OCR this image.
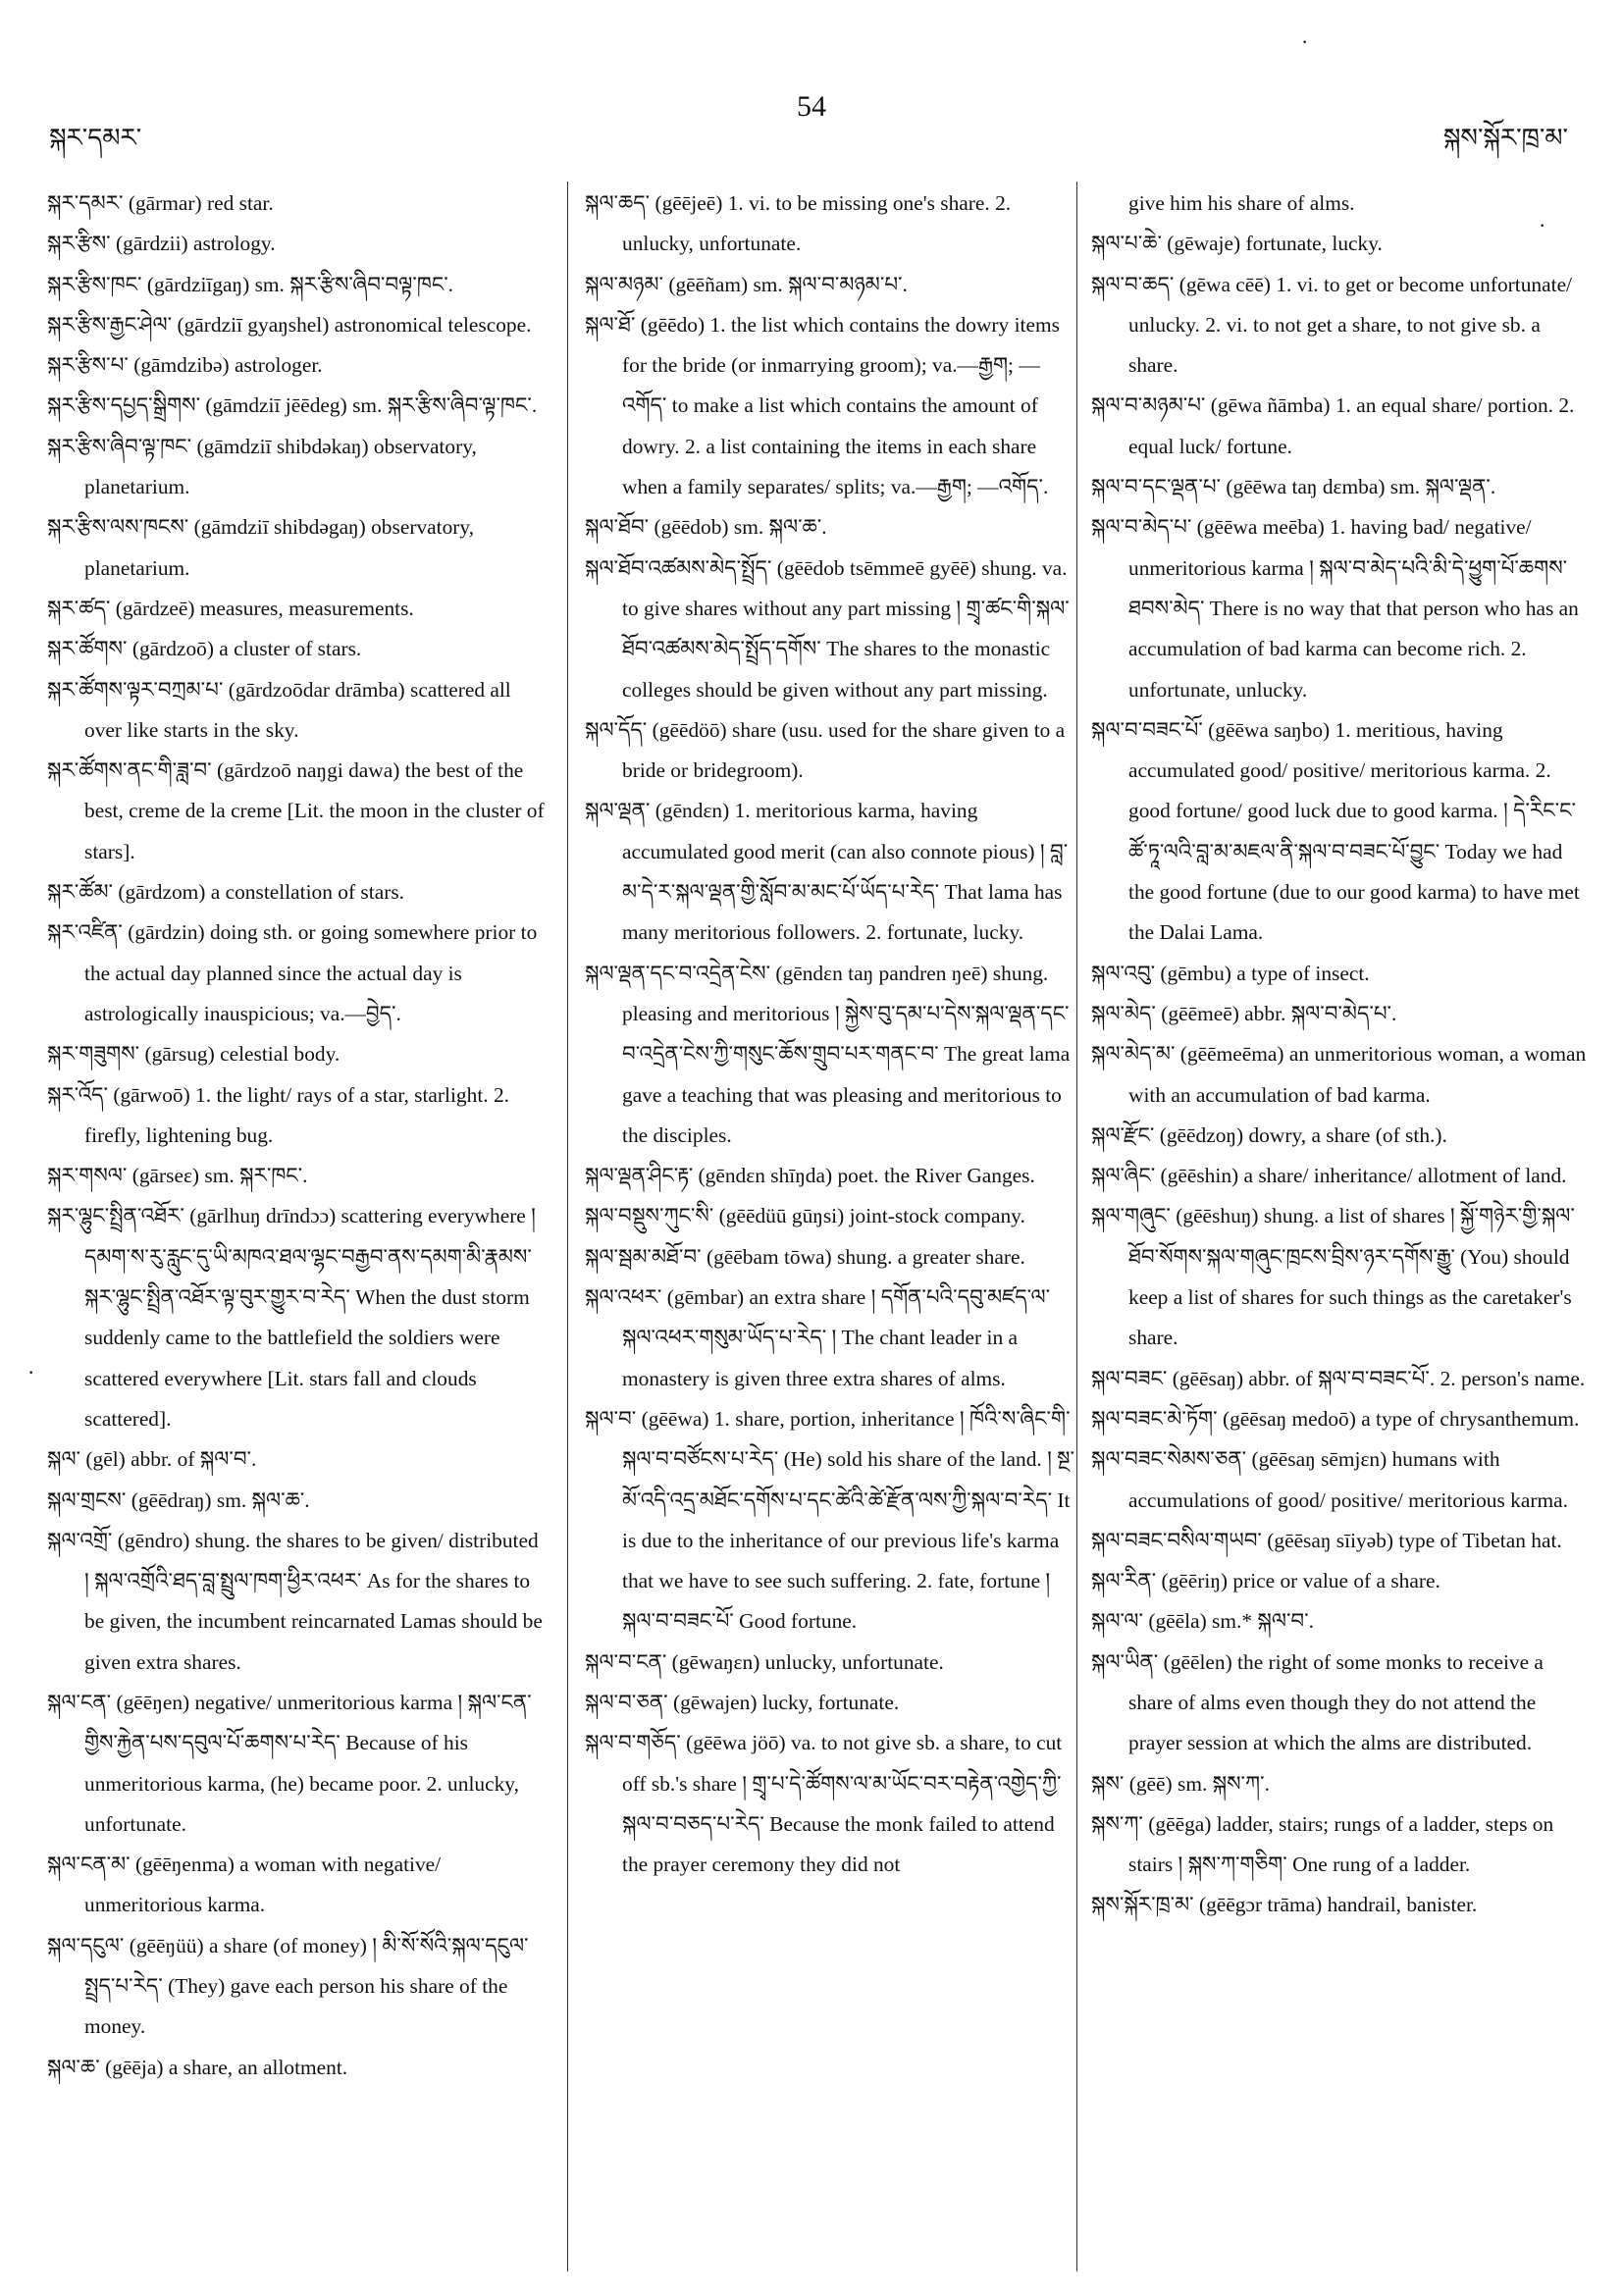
སྐར་དམར་
54
སྐས་སྐོར་ཁྲ་མ་
·
·
·
སྐར་དམར་ (gārmar) red star.
སྐར་རྩིས་ (gārdzii) astrology.
སྐར་རྩིས་ཁང་ (gārdziīgaŋ) sm. སྐར་རྩིས་ཞིབ་བལྟ་ཁང་.
སྐར་རྩིས་རྒྱང་ཤེལ་ (gārdziī gyaŋshel) astronomical telescope.
སྐར་རྩིས་པ་ (gāmdzibə) astrologer.
སྐར་རྩིས་དཔྱད་སྒྲིགས་ (gāmdziī jēēdeg) sm. སྐར་རྩིས་ཞིབ་ལྟ་ཁང་.
སྐར་རྩིས་ཞིབ་ལྟ་ཁང་ (gāmdziī shibdəkaŋ) observatory, planetarium.
སྐར་རྩིས་ལས་ཁངས་ (gāmdziī shibdəgaŋ) observatory, planetarium.
སྐར་ཚད་ (gārdzeē) measures, measurements.
སྐར་ཚོགས་ (gārdzoō) a cluster of stars.
སྐར་ཚོགས་ལྟར་བཀྲམ་པ་ (gārdzoōdar drāmba) scattered all over like starts in the sky.
སྐར་ཚོགས་ནང་གི་ཟླ་བ་ (gārdzoō naŋgi dawa) the best of the best, creme de la creme [Lit. the moon in the cluster of stars].
སྐར་ཚོམ་ (gārdzom) a constellation of stars.
སྐར་འཛིན་ (gārdzin) doing sth. or going somewhere prior to the actual day planned since the actual day is astrologically inauspicious; va.—བྱེད་.
སྐར་གཟུགས་ (gārsug) celestial body.
སྐར་འོད་ (gārwoō) 1. the light/ rays of a star, starlight. 2. firefly, lightening bug.
སྐར་གསལ་ (gārseε) sm. སྐར་ཁང་.
སྐར་ལྷུང་སྤྲིན་འཐོར་ (gārlhuŋ drīndɔɔ) scattering everywhere ། དམག་ས་རུ་རླུང་དུ་ཡི་མཁའ་ཐལ་ལྷང་བརྒྱབ་ནས་དམག་མི་རྣམས་སྐར་ལྷུང་སྤྲིན་འཐོར་ལྟ་བུར་གྱུར་བ་རེད་ When the dust storm suddenly came to the battlefield the soldiers were scattered everywhere [Lit. stars fall and clouds scattered].
སྐལ་ (gēl) abbr. of སྐལ་བ་.
སྐལ་གྲངས་ (gēēdraŋ) sm. སྐལ་ཆ་.
སྐལ་འགྲོ་ (gēndro) shung. the shares to be given/ distributed ། སྐལ་འགྲོའི་ཐད་བླ་སྤྲུལ་ཁག་ཕྱིར་འཕར་ As for the shares to be given, the incumbent reincarnated Lamas should be given extra shares.
སྐལ་ངན་ (gēēŋen) negative/ unmeritorious karma ། སྐལ་ངན་གྱིས་རྐྱེན་པས་དབུལ་པོ་ཆགས་པ་རེད་ Because of his unmeritorious karma, (he) became poor. 2. unlucky, unfortunate.
སྐལ་ངན་མ་ (gēēŋenma) a woman with negative/ unmeritorious karma.
སྐལ་དངུལ་ (gēēŋüü) a share (of money) ། མི་སོ་སོའི་སྐལ་དངུལ་སྤྲད་པ་རེད་ (They) gave each person his share of the money.
སྐལ་ཆ་ (gēēja) a share, an allotment.
སྐལ་ཆད་ (gēējeē) 1. vi. to be missing one's share. 2. unlucky, unfortunate.
སྐལ་མཉམ་ (gēēñam) sm. སྐལ་བ་མཉམ་པ་.
སྐལ་ཐོ་ (gēēdo) 1. the list which contains the dowry items for the bride (or inmarrying groom); va.—རྒྱག; —འགོད་ to make a list which contains the amount of dowry. 2. a list containing the items in each share when a family separates/ splits; va.—རྒྱག; —འགོད་.
སྐལ་ཐོབ་ (gēēdob) sm. སྐལ་ཆ་.
སྐལ་ཐོབ་འཚམས་མེད་སྤྲོད་ (gēēdob tsēmmeē gyēē) shung. va. to give shares without any part missing ། གྲྭ་ཚང་གི་སྐལ་ཐོབ་འཚམས་མེད་སྤྲོད་དགོས་ The shares to the monastic colleges should be given without any part missing.
སྐལ་དོད་ (gēēdöō) share (usu. used for the share given to a bride or bridegroom).
སྐལ་ལྡན་ (gēndεn) 1. meritorious karma, having accumulated good merit (can also connote pious) ། བླ་མ་དེ་ར་སྐལ་ལྡན་གྱི་སློབ་མ་མང་པོ་ཡོད་པ་རེད་ That lama has many meritorious followers. 2. fortunate, lucky.
སྐལ་ལྡན་དང་བ་འདྲེན་ངེས་ (gēndεn taŋ pandren ŋeē) shung. pleasing and meritorious ། སྐྱེས་བུ་དམ་པ་དེས་སྐལ་ལྡན་དང་བ་འདྲེན་ངེས་ཀྱི་གསུང་ཆོས་གྲུབ་པར་གནང་བ་ The great lama gave a teaching that was pleasing and meritorious to the disciples.
སྐལ་ལྡན་ཤིང་རྟ་ (gēndεn shīŋda) poet. the River Ganges.
སྐལ་བསྡུས་ཀུང་སི་ (gēēdüū gūŋsi) joint-stock company.
སྐལ་སྦམ་མཐོ་བ་ (gēēbam tōwa) shung. a greater share.
སྐལ་འཕར་ (gēmbar) an extra share ། དགོན་པའི་དབུ་མཛད་ལ་སྐལ་འཕར་གསུམ་ཡོད་པ་རེད་ ། The chant leader in a monastery is given three extra shares of alms.
སྐལ་བ་ (gēēwa) 1. share, portion, inheritance ། ཁོའི་ས་ཞིང་གི་སྐལ་བ་བཙོངས་པ་རེད་ (He) sold his share of the land. ། སྔ་མོ་འདི་འདྲ་མཐོང་དགོས་པ་དང་ཚེའི་ཚེ་རྫོན་ལས་ཀྱི་སྐལ་བ་རེད་ It is due to the inheritance of our previous life's karma that we have to see such suffering. 2. fate, fortune ། སྐལ་བ་བཟང་པོ་ Good fortune.
སྐལ་བ་ངན་ (gēwaŋεn) unlucky, unfortunate.
སྐལ་བ་ཅན་ (gēwajen) lucky, fortunate.
སྐལ་བ་གཅོད་ (gēēwa jöō) va. to not give sb. a share, to cut off sb.'s share ། གྲྭ་པ་དེ་ཚོགས་ལ་མ་ཡོང་བར་བརྟེན་འགྱེད་ཀྱི་སྐལ་བ་བཅད་པ་རེད་ Because the monk failed to attend the prayer ceremony they did not
give him his share of alms.
སྐལ་པ་ཆེ་ (gēwaje) fortunate, lucky.
སྐལ་བ་ཆད་ (gēwa cēē) 1. vi. to get or become unfortunate/ unlucky. 2. vi. to not get a share, to not give sb. a share.
སྐལ་བ་མཉམ་པ་ (gēwa ñāmba) 1. an equal share/ portion. 2. equal luck/ fortune.
སྐལ་བ་དང་ལྡན་པ་ (gēēwa taŋ dεmba) sm. སྐལ་ལྡན་.
སྐལ་བ་མེད་པ་ (gēēwa meēba) 1. having bad/ negative/ unmeritorious karma ། སྐལ་བ་མེད་པའི་མི་དེ་ཕྱུག་པོ་ཆགས་ཐབས་མེད་ There is no way that that person who has an accumulation of bad karma can become rich. 2. unfortunate, unlucky.
སྐལ་བ་བཟང་པོ་ (gēēwa saŋbo) 1. meritious, having accumulated good/ positive/ meritorious karma. 2. good fortune/ good luck due to good karma. ། དེ་རིང་ང་ཚོ་ཏཱ་ལའི་བླ་མ་མཇལ་ནི་སྐལ་བ་བཟང་པོ་བྱུང་ Today we had the good fortune (due to our good karma) to have met the Dalai Lama.
སྐལ་འབུ་ (gēmbu) a type of insect.
སྐལ་མེད་ (gēēmeē) abbr. སྐལ་བ་མེད་པ་.
སྐལ་མེད་མ་ (gēēmeēma) an unmeritorious woman, a woman with an accumulation of bad karma.
སྐལ་རྫོང་ (gēēdzoŋ) dowry, a share (of sth.).
སྐལ་ཞིང་ (gēēshin) a share/ inheritance/ allotment of land.
སྐལ་གཞུང་ (gēēshuŋ) shung. a list of shares ། སྐྱོ་གཉེར་གྱི་སྐལ་ཐོབ་སོགས་སྐལ་གཞུང་ཁྲངས་བྲིས་ཉར་དགོས་རྒྱུ་ (You) should keep a list of shares for such things as the caretaker's share.
སྐལ་བཟང་ (gēēsaŋ) abbr. of སྐལ་བ་བཟང་པོ་. 2. person's name.
སྐལ་བཟང་མེ་ཏོག་ (gēēsaŋ medoō) a type of chrysanthemum.
སྐལ་བཟང་སེམས་ཅན་ (gēēsaŋ sēmjεn) humans with accumulations of good/ positive/ meritorious karma.
སྐལ་བཟང་བསིལ་གཡབ་ (gēēsaŋ sīiyəb) type of Tibetan hat.
སྐལ་རིན་ (gēēriŋ) price or value of a share.
སྐལ་ལ་ (gēēla) sm.* སྐལ་བ་.
སྐལ་ཡིན་ (gēēlen) the right of some monks to receive a share of alms even though they do not attend the prayer session at which the alms are distributed.
སྐས་ (gēē) sm. སྐས་ཀ་.
སྐས་ཀ་ (gēēga) ladder, stairs; rungs of a ladder, steps on stairs ། སྐས་ཀ་གཅིག་ One rung of a ladder.
སྐས་སྐོར་ཁྲ་མ་ (gēēgɔr trāma) handrail, banister.
